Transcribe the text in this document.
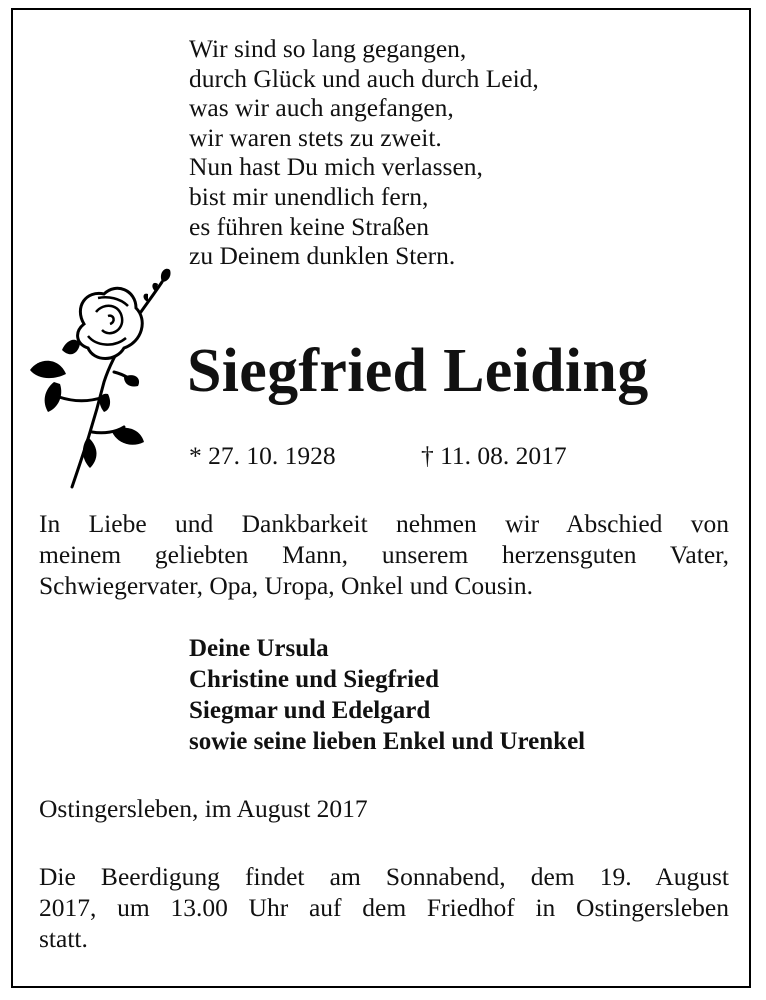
Wir sind so lang gegangen,
durch Glück und auch durch Leid,
was wir auch angefangen,
wir waren stets zu zweit.
Nun hast Du mich verlassen,
bist mir unendlich fern,
es führen keine Straßen
zu Deinem dunklen Stern.
Siegfried Leiding
* 27. 10. 1928	† 11. 08. 2017
In Liebe und Dankbarkeit nehmen wir Abschied von
meinem geliebten Mann, unserem herzensguten Vater,
Schwiegervater, Opa, Uropa, Onkel und Cousin.
Deine Ursula
Christine und Siegfried
Siegmar und Edelgard
sowie seine lieben Enkel und Urenkel
Ostingersleben, im August 2017
Die Beerdigung findet am Sonnabend, dem 19. August
2017, um 13.00 Uhr auf dem Friedhof in Ostingersleben
statt.
